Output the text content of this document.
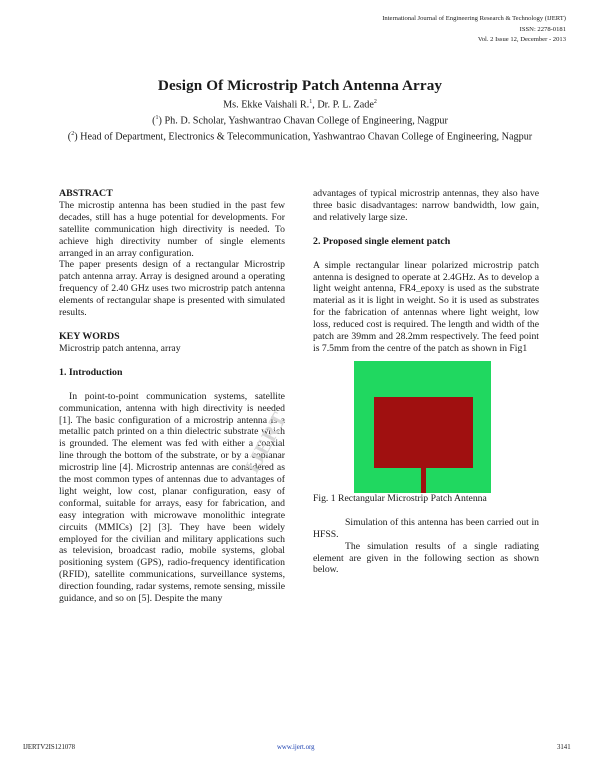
International Journal of Engineering Research & Technology (IJERT)
ISSN: 2278-0181
Vol. 2 Issue 12, December - 2013
Design Of Microstrip Patch Antenna Array
Ms. Ekke Vaishali R.$^1$, Dr. P. L. Zade$^2$
($^1$) Ph. D. Scholar, Yashwantrao Chavan College of Engineering, Nagpur
($^2$) Head of Department, Electronics & Telecommunication, Yashwantrao Chavan College of Engineering, Nagpur
ABSTRACT

The microstip antenna has been studied in the past few decades, still has a huge potential for developments. For satellite communication high directivity is needed. To achieve high directivity number of single elements arranged in an array configuration.

The paper presents design of a rectangular Microstrip patch antenna array. Array is designed around a operating frequency of 2.40 GHz uses two microstrip patch antenna elements of rectangular shape is presented with simulated results.

KEY WORDS

Microstrip patch antenna, array

1. Introduction

In point-to-point communication systems, satellite communication, antenna with high directivity is needed [1]. The basic configuration of a microstrip antenna is a metallic patch printed on a thin dielectric substrate which is grounded. The element was fed with either a coaxial line through the bottom of the substrate, or by a coplanar microstrip line [4]. Microstrip antennas are considered as the most common types of antennas due to advantages of light weight, low cost, planar configuration, easy of conformal, suitable for arrays, easy for fabrication, and easy integration with microwave monolithic integrate circuits (MMICs) [2] [3]. They have been widely employed for the civilian and military applications such as television, broadcast radio, mobile systems, global positioning system (GPS), radio-frequency identification (RFID), satellite communications, surveillance systems, direction founding, radar systems, remote sensing, missile guidance, and so on [5]. Despite the many

advantages of typical microstrip antennas, they also have three basic disadvantages: narrow bandwidth, low gain, and relatively large size.

2. Proposed single element patch

A simple rectangular linear polarized microstrip patch antenna is designed to operate at 2.4GHz. As to develop a light weight antenna, FR4_epoxy is used as the substrate material as it is light in weight. So it is used as substrates for the fabrication of antennas where light weight, low loss, reduced cost is required. The length and width of the patch are 39mm and 28.2mm respectively. The feed point is 7.5mm from the centre of the patch as shown in Fig1

Fig. 1 Rectangular Microstrip Patch Antenna

Simulation of this antenna has been carried out in HFSS.

The simulation results of a single radiating element are given in the following section as shown below.

IJERT
IJERTV2IS121078	www.ijert.org	3141
